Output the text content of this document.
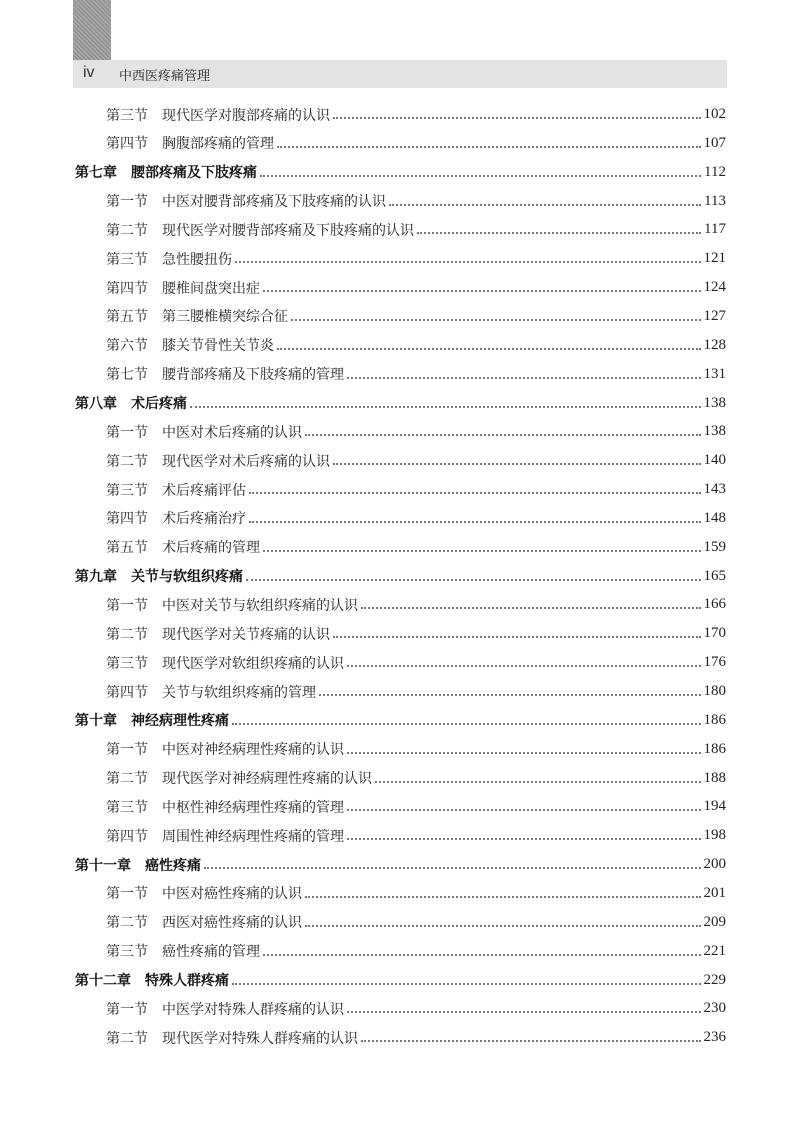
iv 中西医疼痛管理
第三节 现代医学对腹部疼痛的认识	102
第四节 胸腹部疼痛的管理	107
第七章 腰部疼痛及下肢疼痛	112
第一节 中医对腰背部疼痛及下肢疼痛的认识	113
第二节 现代医学对腰背部疼痛及下肢疼痛的认识	117
第三节 急性腰扭伤	121
第四节 腰椎间盘突出症	124
第五节 第三腰椎横突综合征	127
第六节 膝关节骨性关节炎	128
第七节 腰背部疼痛及下肢疼痛的管理	131
第八章 术后疼痛	138
第一节 中医对术后疼痛的认识	138
第二节 现代医学对术后疼痛的认识	140
第三节 术后疼痛评估	143
第四节 术后疼痛治疗	148
第五节 术后疼痛的管理	159
第九章 关节与软组织疼痛	165
第一节 中医对关节与软组织疼痛的认识	166
第二节 现代医学对关节疼痛的认识	170
第三节 现代医学对软组织疼痛的认识	176
第四节 关节与软组织疼痛的管理	180
第十章 神经病理性疼痛	186
第一节 中医对神经病理性疼痛的认识	186
第二节 现代医学对神经病理性疼痛的认识	188
第三节 中枢性神经病理性疼痛的管理	194
第四节 周围性神经病理性疼痛的管理	198
第十一章 癌性疼痛	200
第一节 中医对癌性疼痛的认识	201
第二节 西医对癌性疼痛的认识	209
第三节 癌性疼痛的管理	221
第十二章 特殊人群疼痛	229
第一节 中医学对特殊人群疼痛的认识	230
第二节 现代医学对特殊人群疼痛的认识	236
